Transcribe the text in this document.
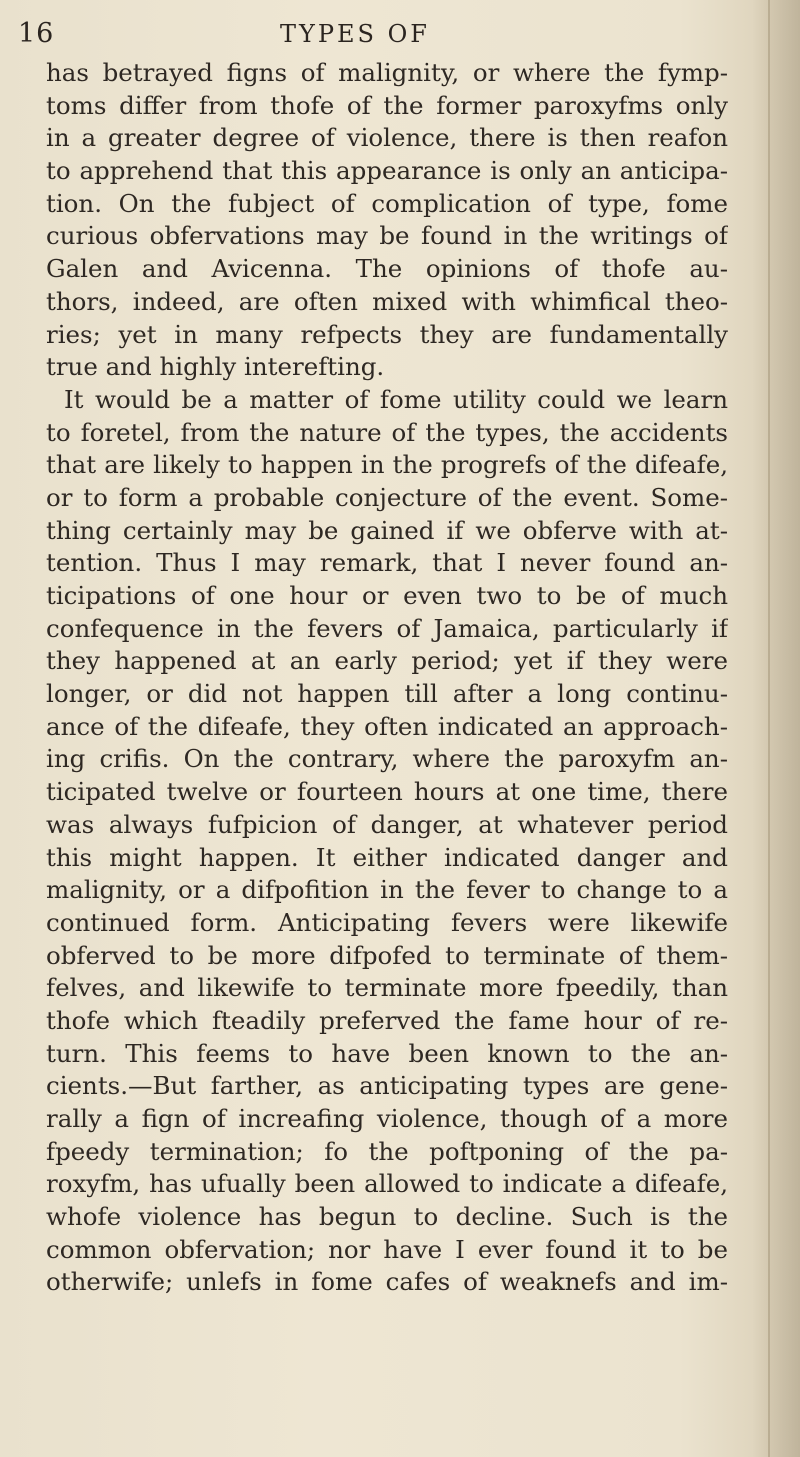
16	TYPES OF
has betrayed figns of malignity, or where the fymp-
toms differ from thofe of the former paroxyfms only
in a greater degree of violence, there is then reafon
to apprehend that this appearance is only an anticipa-
tion. On the fubject of complication of type, fome
curious obfervations may be found in the writings of
Galen and Avicenna. The opinions of thofe au-
thors, indeed, are often mixed with whimfical theo-
ries; yet in many refpects they are fundamentally
true and highly interefting.
It would be a matter of fome utility could we learn
to foretel, from the nature of the types, the accidents
that are likely to happen in the progrefs of the difeafe,
or to form a probable conjecture of the event. Some-
thing certainly may be gained if we obferve with at-
tention. Thus I may remark, that I never found an-
ticipations of one hour or even two to be of much
confequence in the fevers of Jamaica, particularly if
they happened at an early period; yet if they were
longer, or did not happen till after a long continu-
ance of the difeafe, they often indicated an approach-
ing crifis. On the contrary, where the paroxyfm an-
ticipated twelve or fourteen hours at one time, there
was always fufpicion of danger, at whatever period
this might happen. It either indicated danger and
malignity, or a difpofition in the fever to change to a
continued form. Anticipating fevers were likewife
obferved to be more difpofed to terminate of them-
felves, and likewife to terminate more fpeedily, than
thofe which fteadily preferved the fame hour of re-
turn. This feems to have been known to the an-
cients.—But farther, as anticipating types are gene-
rally a fign of increafing violence, though of a more
fpeedy termination; fo the poftponing of the pa-
roxyfm, has ufually been allowed to indicate a difeafe,
whofe violence has begun to decline. Such is the
common obfervation; nor have I ever found it to be
otherwife; unlefs in fome cafes of weaknefs and im-
